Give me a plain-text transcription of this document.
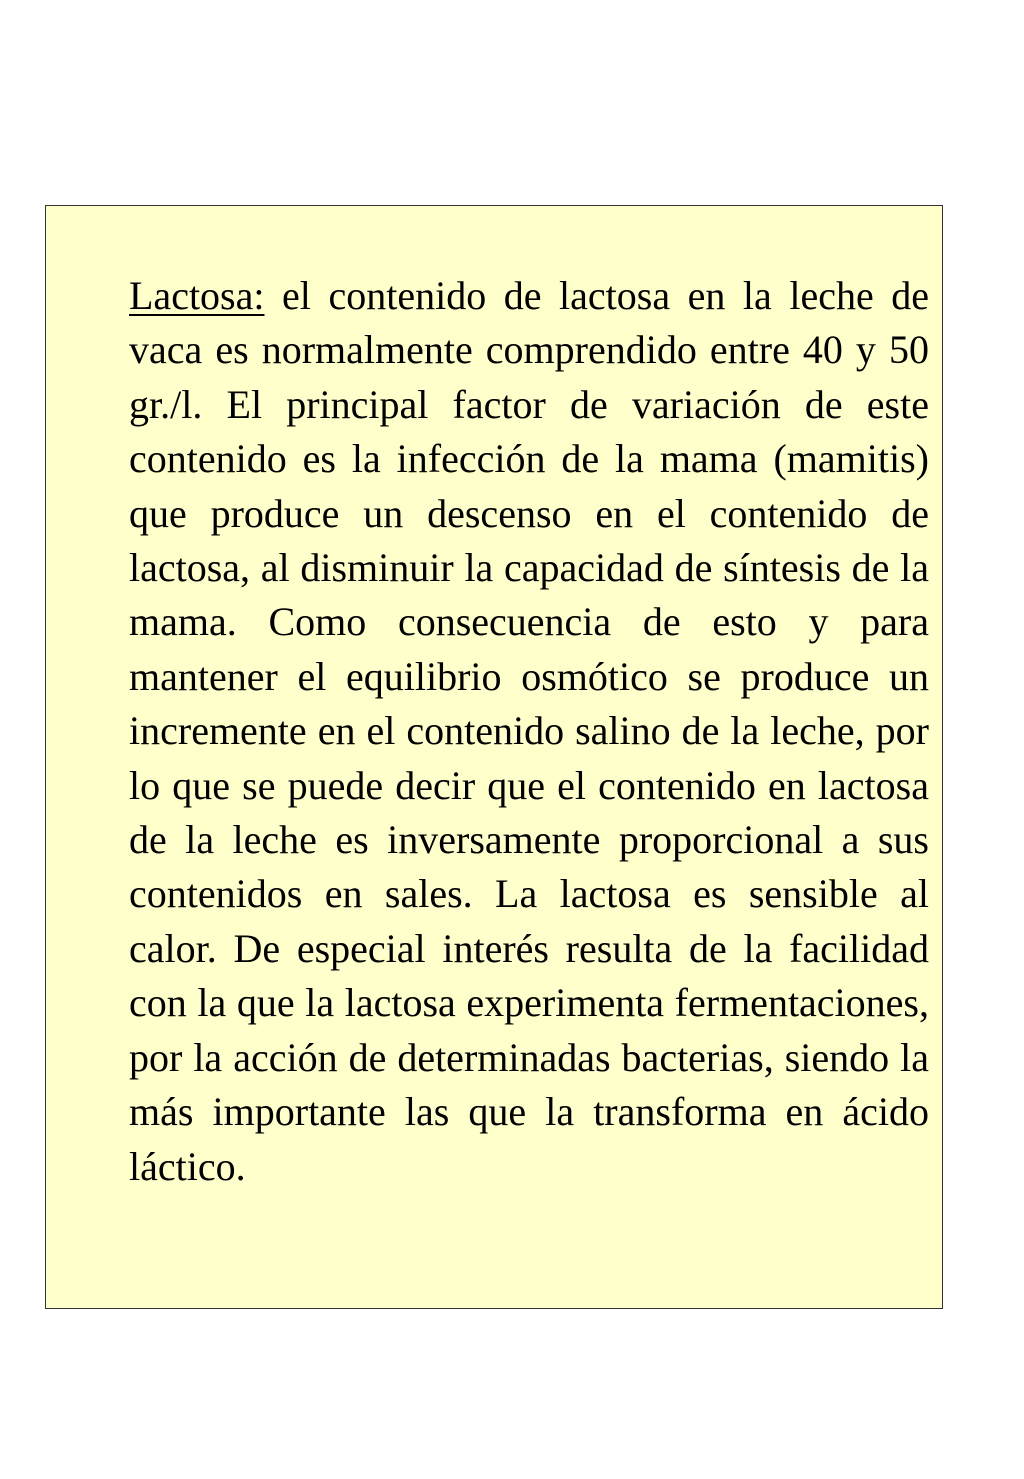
Lactosa: el contenido de lactosa en la leche de vaca es normalmente comprendido entre 40 y 50 gr./l. El principal factor de variación de este contenido es la infección de la mama (mamitis) que produce un descenso en el contenido de lactosa, al disminuir la capacidad de síntesis de la mama. Como consecuencia de esto y para mantener el equilibrio osmótico se produce un incremente en el contenido salino de la leche, por lo que se puede decir que el contenido en lactosa de la leche es inversamente proporcional a sus contenidos en sales. La lactosa es sensible al calor. De especial interés resulta de la facilidad con la que la lactosa experimenta fermentaciones, por la acción de determinadas bacterias, siendo la más importante las que la transforma en ácido láctico.
